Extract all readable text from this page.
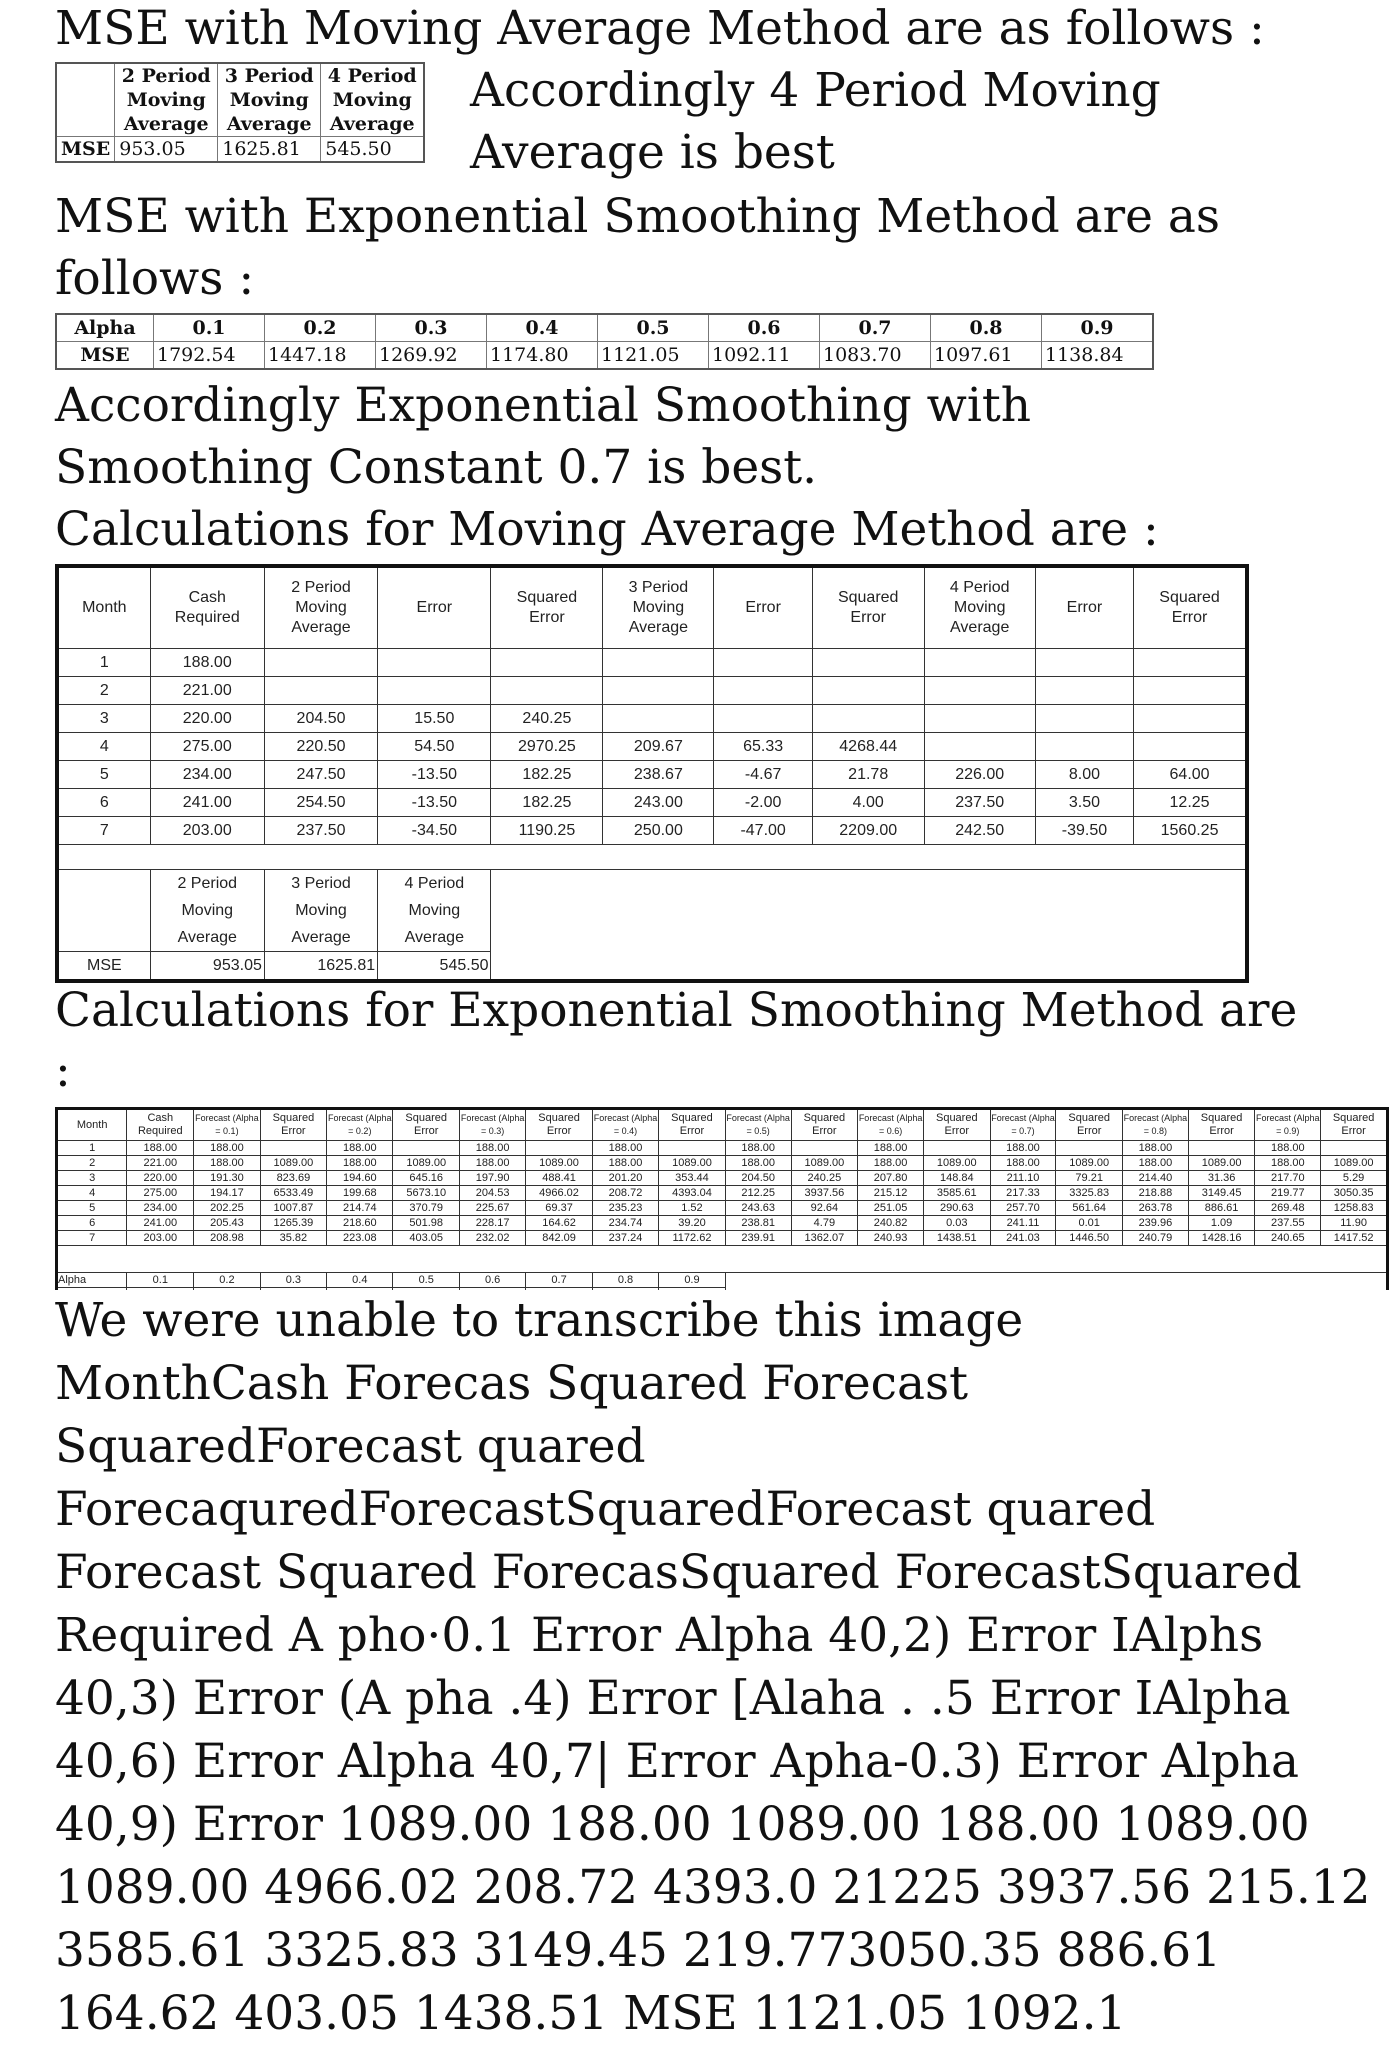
MSE with Moving Average Method are as follows :
	2 Period Moving Average	3 Period Moving Average	4 Period Moving Average
MSE	953.05	1625.81	545.50
Accordingly 4 Period Moving
Average is best
MSE with Exponential Smoothing Method are as
follows :
Alpha	0.1	0.2	0.3	0.4	0.5	0.6	0.7	0.8	0.9
MSE	1792.54	1447.18	1269.92	1174.80	1121.05	1092.11	1083.70	1097.61	1138.84
Accordingly Exponential Smoothing with
Smoothing Constant 0.7 is best.
Calculations for Moving Average Method are :
Month	Cash Required	2 Period Moving Average	Error	Squared Error	3 Period Moving Average	Error	Squared Error	4 Period Moving Average	Error	Squared Error
1	188.00									
2	221.00									
3	220.00	204.50	15.50	240.25						
4	275.00	220.50	54.50	2970.25	209.67	65.33	4268.44			
5	234.00	247.50	-13.50	182.25	238.67	-4.67	21.78	226.00	8.00	64.00
6	241.00	254.50	-13.50	182.25	243.00	-2.00	4.00	237.50	3.50	12.25
7	203.00	237.50	-34.50	1190.25	250.00	-47.00	2209.00	242.50	-39.50	1560.25

	2 Period Moving Average	3 Period Moving Average	4 Period Moving Average							
MSE	953.05	1625.81	545.50							
Calculations for Exponential Smoothing Method are
:
Month	Cash Required	Forecast (Alpha = 0.1)	Squared Error	Forecast (Alpha = 0.2)	Squared Error	Forecast (Alpha = 0.3)	Squared Error	Forecast (Alpha = 0.4)	Squared Error	Forecast (Alpha = 0.5)	Squared Error	Forecast (Alpha = 0.6)	Squared Error	Forecast (Alpha = 0.7)	Squared Error	Forecast (Alpha = 0.8)	Squared Error	Forecast (Alpha = 0.9)	Squared Error
1	188.00	188.00		188.00		188.00		188.00		188.00		188.00		188.00		188.00		188.00	
2	221.00	188.00	1089.00	188.00	1089.00	188.00	1089.00	188.00	1089.00	188.00	1089.00	188.00	1089.00	188.00	1089.00	188.00	1089.00	188.00	1089.00
3	220.00	191.30	823.69	194.60	645.16	197.90	488.41	201.20	353.44	204.50	240.25	207.80	148.84	211.10	79.21	214.40	31.36	217.70	5.29
4	275.00	194.17	6533.49	199.68	5673.10	204.53	4966.02	208.72	4393.04	212.25	3937.56	215.12	3585.61	217.33	3325.83	218.88	3149.45	219.77	3050.35
5	234.00	202.25	1007.87	214.74	370.79	225.67	69.37	235.23	1.52	243.63	92.64	251.05	290.63	257.70	561.64	263.78	886.61	269.48	1258.83
6	241.00	205.43	1265.39	218.60	501.98	228.17	164.62	234.74	39.20	238.81	4.79	240.82	0.03	241.11	0.01	239.96	1.09	237.55	11.90
7	203.00	208.98	35.82	223.08	403.05	232.02	842.09	237.24	1172.62	239.91	1362.07	240.93	1438.51	241.03	1446.50	240.79	1428.16	240.65	1417.52

Alpha	0.1	0.2	0.3	0.4	0.5	0.6	0.7	0.8	0.9										

We were unable to transcribe this image
MonthCash Forecas Squared Forecast
SquaredForecast quared
ForecaquredForecastSquaredForecast quared
Forecast Squared ForecasSquared ForecastSquared
Required A pho·0.1 Error Alpha 40,2) Error IAlphs
40,3) Error (A pha .4) Error [Alaha . .5 Error IAlpha
40,6) Error Alpha 40,7| Error Apha-0.3) Error Alpha
40,9) Error 1089.00 188.00 1089.00 188.00 1089.00
1089.00 4966.02 208.72 4393.0 21225 3937.56 215.12
3585.61 3325.83 3149.45 219.773050.35 886.61
164.62 403.05 1438.51 MSE 1121.05 1092.1
